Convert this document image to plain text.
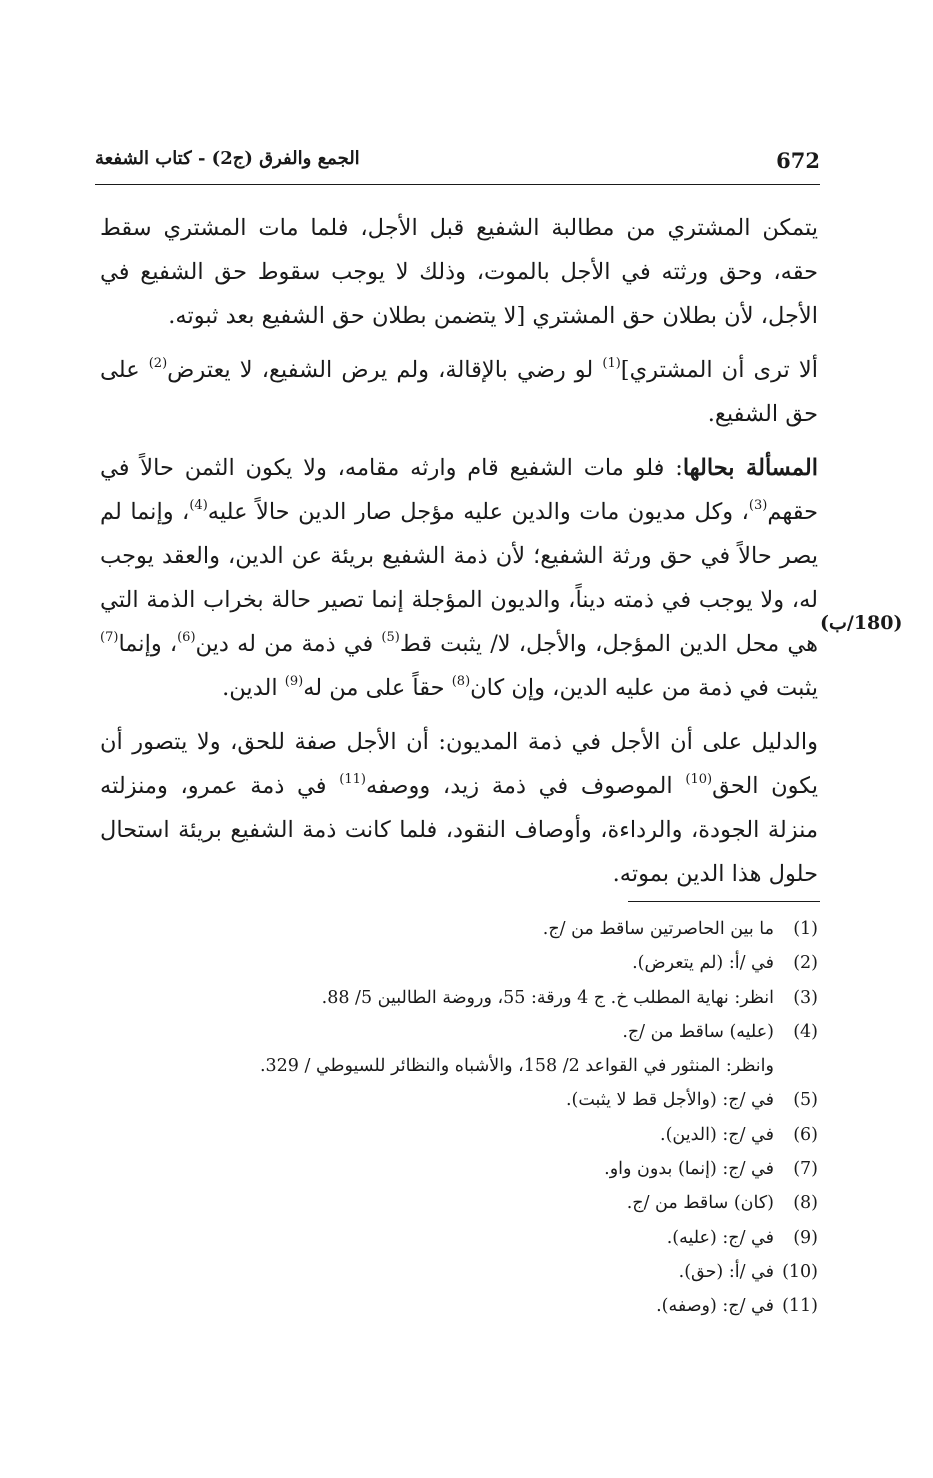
672
الجمع والفرق (ج2) - كتاب الشفعة

يتمكن المشتري من مطالبة الشفيع قبل الأجل، فلما مات المشتري سقط حقه، وحق ورثته في الأجل بالموت، وذلك لا يوجب سقوط حق الشفيع في الأجل، لأن بطلان حق المشتري [لا يتضمن بطلان حق الشفيع بعد ثبوته.

ألا ترى أن المشتري]$^{(1)}$ لو رضي بالإقالة، ولم يرض الشفيع، لا يعترض$^{(2)}$ على حق الشفيع.

المسألة بحالها: فلو مات الشفيع قام وارثه مقامه، ولا يكون الثمن حالاً في حقهم$^{(3)}$، وكل مديون مات والدين عليه مؤجل صار الدين حالاً عليه$^{(4)}$، وإنما لم يصر حالاً في حق ورثة الشفيع؛ لأن ذمة الشفيع بريئة عن الدين، والعقد يوجب له، ولا يوجب في ذمته ديناً، والديون المؤجلة إنما تصير حالة بخراب الذمة التي هي محل الدين المؤجل، والأجل، لا/ يثبت قط$^{(5)}$ في ذمة من له دين$^{(6)}$، وإنما$^{(7)}$ يثبت في ذمة من عليه الدين، وإن كان$^{(8)}$ حقاً على من له$^{(9)}$ الدين.

والدليل على أن الأجل في ذمة المديون: أن الأجل صفة للحق، ولا يتصور أن يكون الحق$^{(10)}$ الموصوف في ذمة زيد، ووصفه$^{(11)}$ في ذمة عمرو، ومنزلته منزلة الجودة، والرداءة، وأوصاف النقود، فلما كانت ذمة الشفيع بريئة استحال حلول هذا الدين بموته.

(180/ب)
(1)
ما بين الحاصرتين ساقط من /ج.
(2)
في /أ: (لم يتعرض).
(3)
انظر: نهاية المطلب خ. ج 4 ورقة: 55، وروضة الطالبين 5/ 88.
(4)
(عليه) ساقط من /ج.
وانظر: المنثور في القواعد 2/ 158، والأشباه والنظائر للسيوطي / 329.
(5)
في /ج: (والأجل قط لا يثبت).
(6)
في /ج: (الدين).
(7)
في /ج: (إنما) بدون واو.
(8)
(كان) ساقط من /ج.
(9)
في /ج: (عليه).
(10)
في /أ: (حق).
(11)
في /ج: (وصفه).
